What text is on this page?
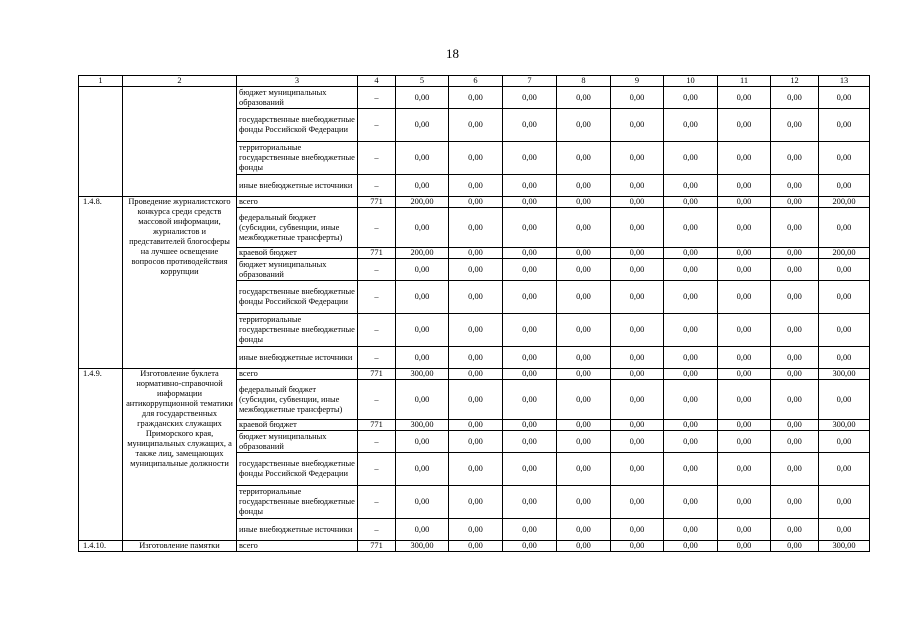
18
1	2	3	4	5	6	7	8	9	10	11	12	13
		бюджет муниципальных образований	–	0,00	0,00	0,00	0,00	0,00	0,00	0,00	0,00	0,00
		государственные внебюджетные фонды Российской Федерации	–	0,00	0,00	0,00	0,00	0,00	0,00	0,00	0,00	0,00
		территориальные государственные внебюджетные фонды	–	0,00	0,00	0,00	0,00	0,00	0,00	0,00	0,00	0,00
		иные внебюджетные источники	–	0,00	0,00	0,00	0,00	0,00	0,00	0,00	0,00	0,00
1.4.8.	Проведение журналистского конкурса среди средств массовой информации, журналистов и представителей блогосферы на лучшее освещение вопросов противодействия коррупции	всего	771	200,00	0,00	0,00	0,00	0,00	0,00	0,00	0,00	200,00
		федеральный бюджет (субсидии, субвенции, иные межбюджетные трансферты)	–	0,00	0,00	0,00	0,00	0,00	0,00	0,00	0,00	0,00
		краевой бюджет	771	200,00	0,00	0,00	0,00	0,00	0,00	0,00	0,00	200,00
		бюджет муниципальных образований	–	0,00	0,00	0,00	0,00	0,00	0,00	0,00	0,00	0,00
		государственные внебюджетные фонды Российской Федерации	–	0,00	0,00	0,00	0,00	0,00	0,00	0,00	0,00	0,00
		территориальные государственные внебюджетные фонды	–	0,00	0,00	0,00	0,00	0,00	0,00	0,00	0,00	0,00
		иные внебюджетные источники	–	0,00	0,00	0,00	0,00	0,00	0,00	0,00	0,00	0,00
1.4.9.	Изготовление буклета нормативно-справочной информации антикоррупционной тематики для государственных гражданских служащих Приморского края, муниципальных служащих, а также лиц, замещающих муниципальные должности	всего	771	300,00	0,00	0,00	0,00	0,00	0,00	0,00	0,00	300,00
		федеральный бюджет (субсидии, субвенции, иные межбюджетные трансферты)	–	0,00	0,00	0,00	0,00	0,00	0,00	0,00	0,00	0,00
		краевой бюджет	771	300,00	0,00	0,00	0,00	0,00	0,00	0,00	0,00	300,00
		бюджет муниципальных образований	–	0,00	0,00	0,00	0,00	0,00	0,00	0,00	0,00	0,00
		государственные внебюджетные фонды Российской Федерации	–	0,00	0,00	0,00	0,00	0,00	0,00	0,00	0,00	0,00
		территориальные государственные внебюджетные фонды	–	0,00	0,00	0,00	0,00	0,00	0,00	0,00	0,00	0,00
		иные внебюджетные источники	–	0,00	0,00	0,00	0,00	0,00	0,00	0,00	0,00	0,00
1.4.10.	Изготовление памятки	всего	771	300,00	0,00	0,00	0,00	0,00	0,00	0,00	0,00	300,00
